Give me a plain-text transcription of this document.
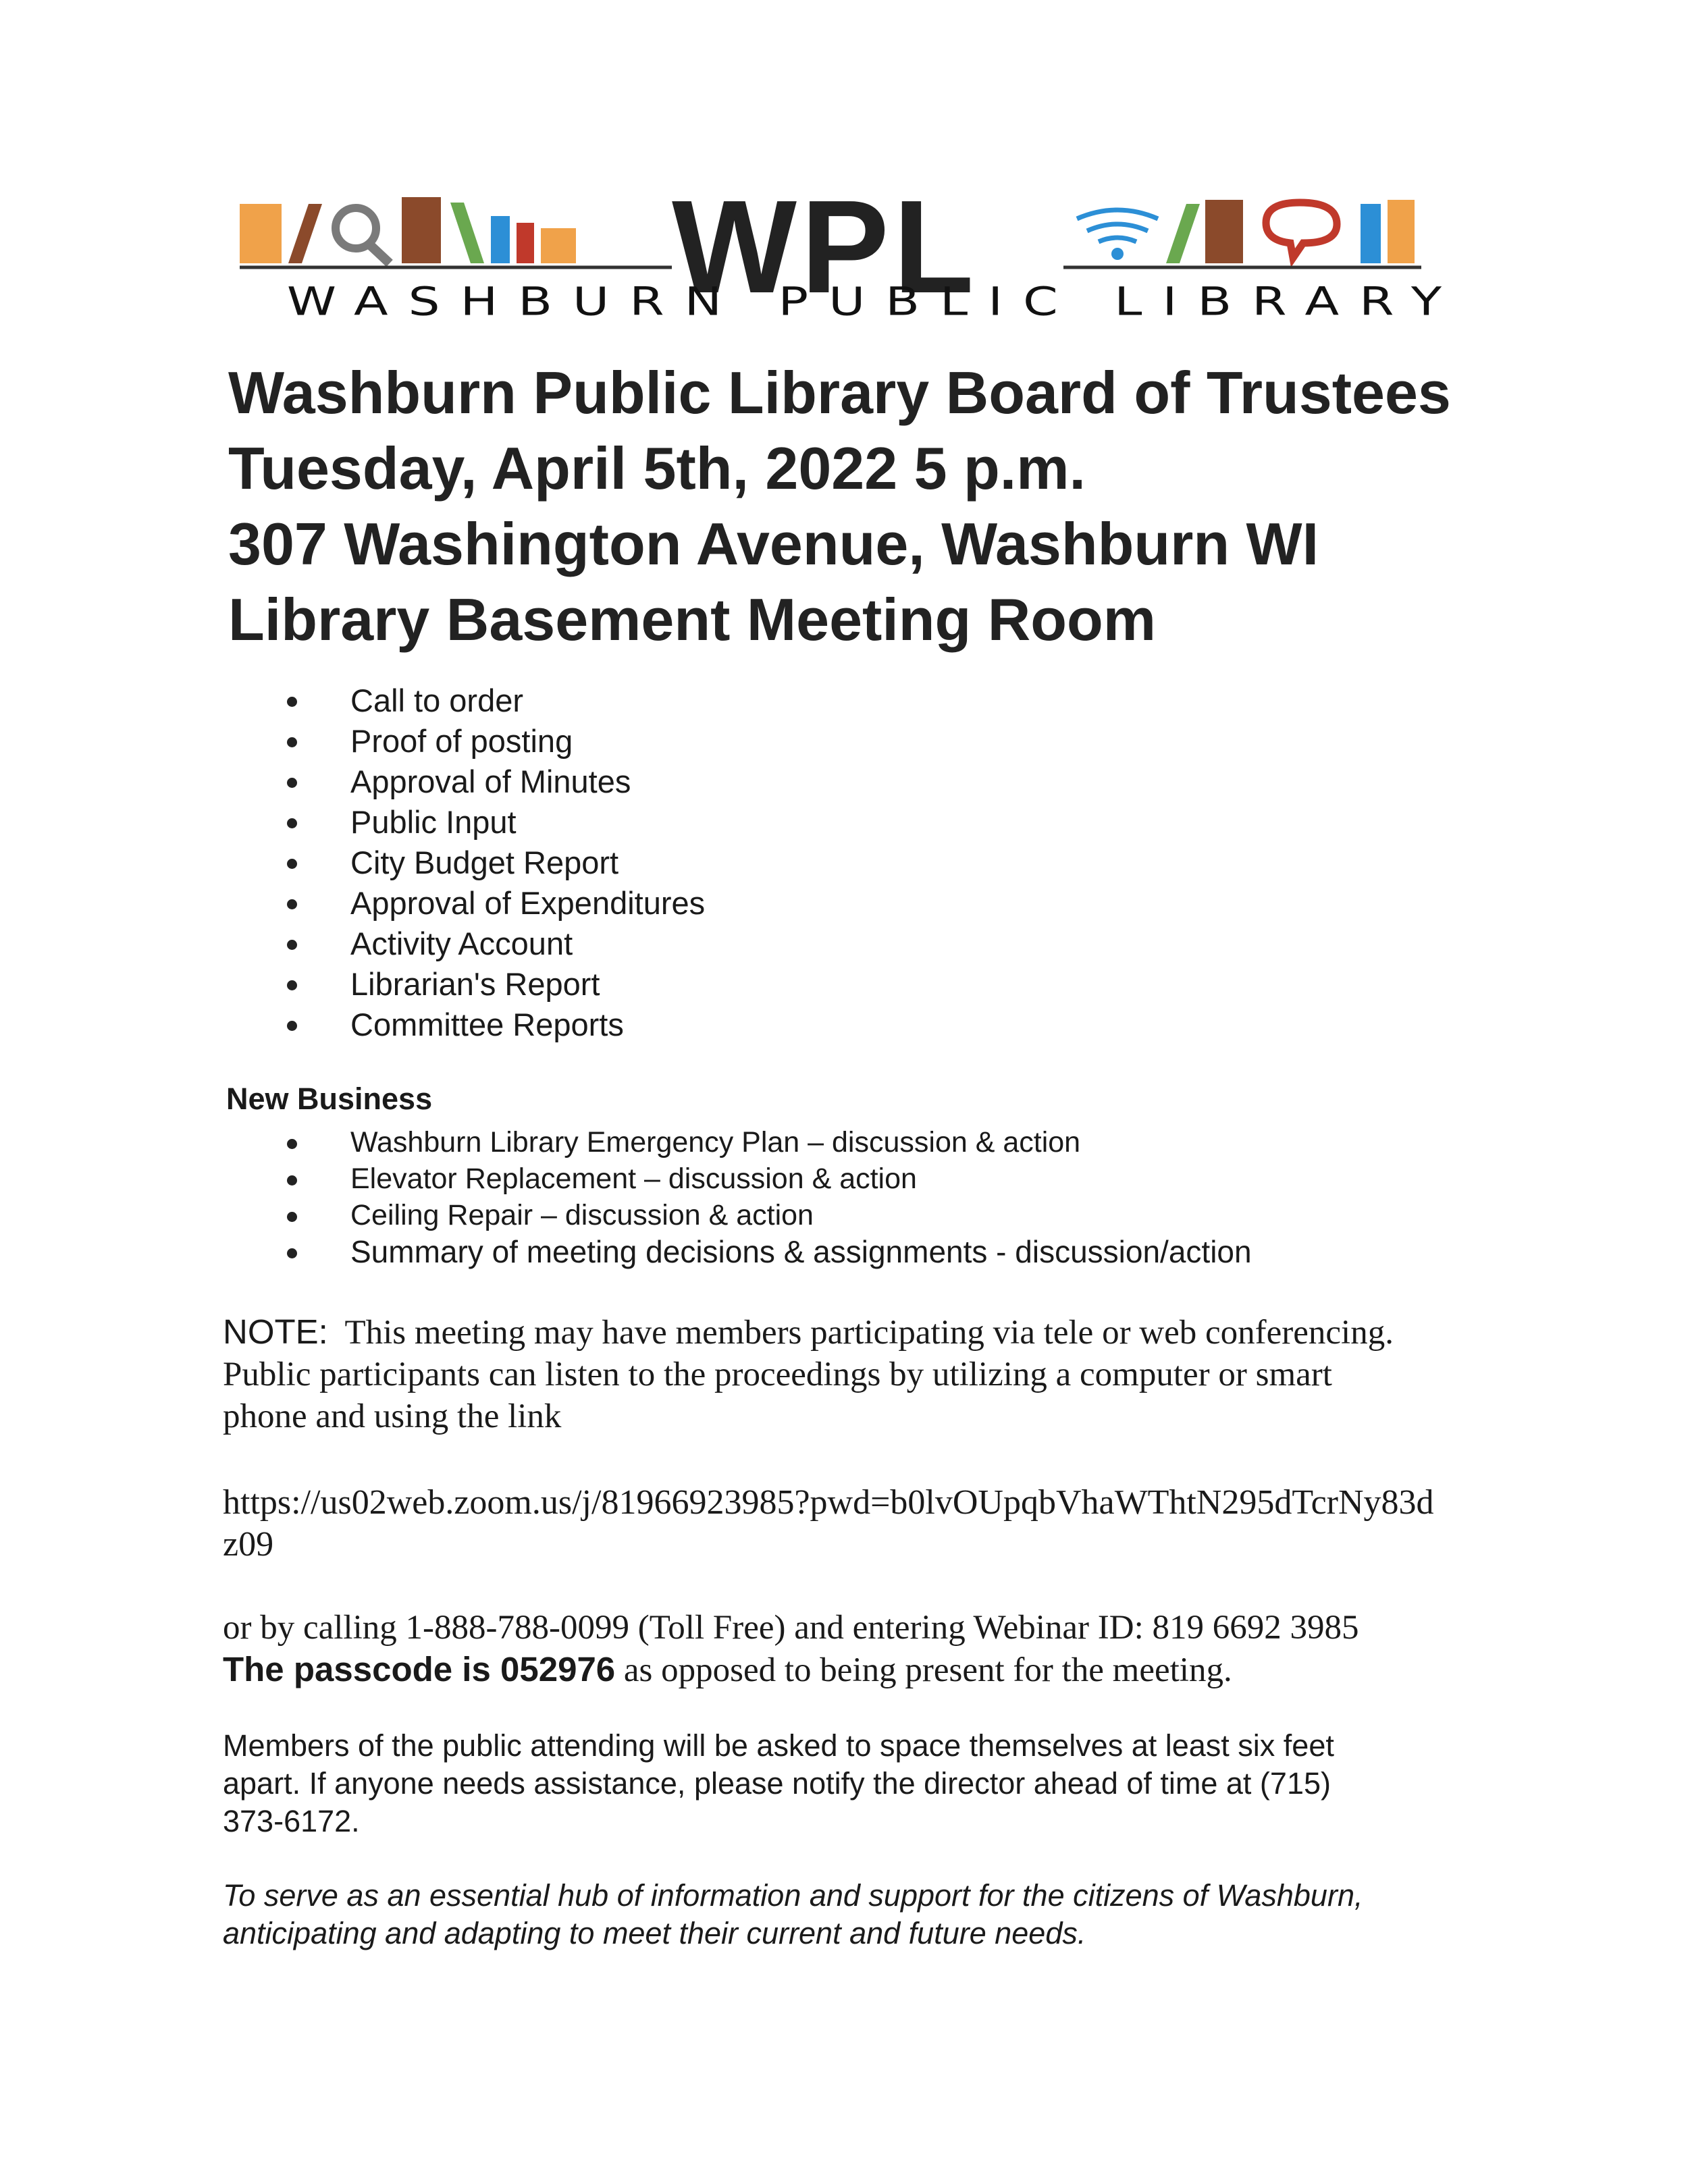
WPL
WASHBURN PUBLIC LIBRARY
Washburn Public Library Board of Trustees
Tuesday, April 5th, 2022 5 p.m.
307 Washington Avenue, Washburn WI
Library Basement Meeting Room
Call to order
Proof of posting
Approval of Minutes
Public Input
City Budget Report
Approval of Expenditures
Activity Account
Librarian's Report
Committee Reports
New Business
Washburn Library Emergency Plan – discussion & action
Elevator Replacement – discussion & action
Ceiling Repair – discussion & action
Summary of meeting decisions & assignments - discussion/action
NOTE: This meeting may have members participating via tele or web conferencing.
Public participants can listen to the proceedings by utilizing a computer or smart
phone and using the link
https://us02web.zoom.us/j/81966923985?pwd=b0lvOUpqbVhaWThtN295dTcrNy83d
z09
or by calling 1-888-788-0099 (Toll Free) and entering Webinar ID: 819 6692 3985
The passcode is 052976 as opposed to being present for the meeting.
Members of the public attending will be asked to space themselves at least six feet
apart. If anyone needs assistance, please notify the director ahead of time at (715)
373-6172.
To serve as an essential hub of information and support for the citizens of Washburn,
anticipating and adapting to meet their current and future needs.
